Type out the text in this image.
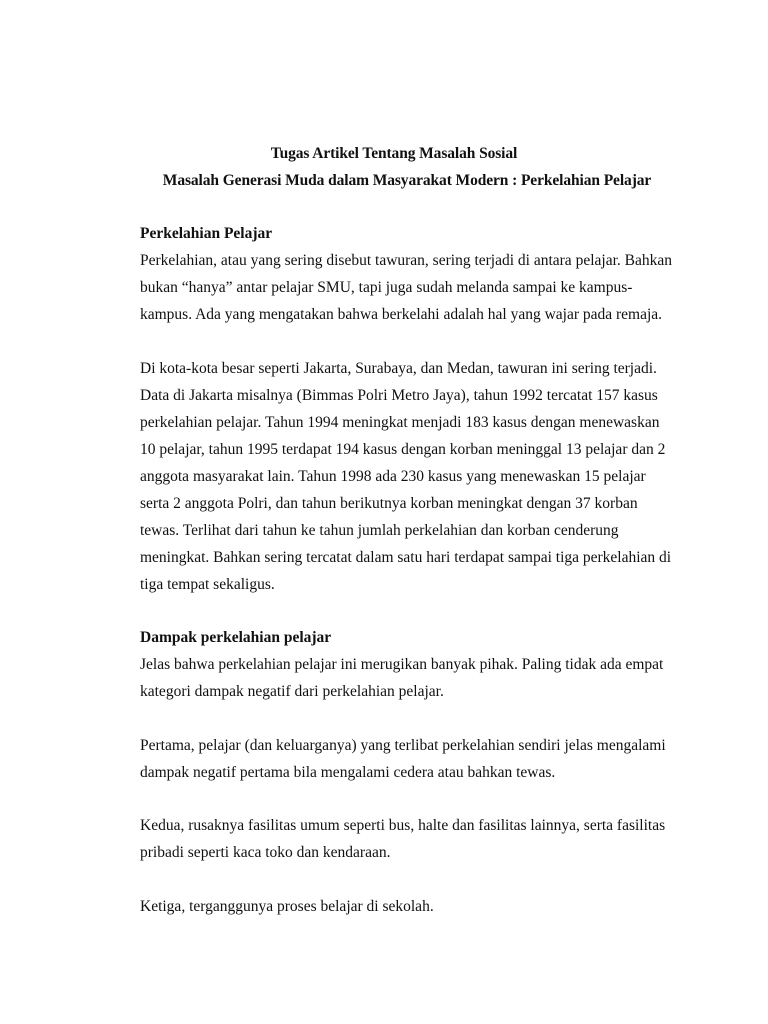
Tugas Artikel Tentang Masalah Sosial

Masalah Generasi Muda dalam Masyarakat Modern : Perkelahian Pelajar

Perkelahian Pelajar

Perkelahian, atau yang sering disebut tawuran, sering terjadi di antara pelajar. Bahkan
bukan “hanya” antar pelajar SMU, tapi juga sudah melanda sampai ke kampus-
kampus. Ada yang mengatakan bahwa berkelahi adalah hal yang wajar pada remaja.
Di kota-kota besar seperti Jakarta, Surabaya, dan Medan, tawuran ini sering terjadi.
Data di Jakarta misalnya (Bimmas Polri Metro Jaya), tahun 1992 tercatat 157 kasus
perkelahian pelajar. Tahun 1994 meningkat menjadi 183 kasus dengan menewaskan
10 pelajar, tahun 1995 terdapat 194 kasus dengan korban meninggal 13 pelajar dan 2
anggota masyarakat lain. Tahun 1998 ada 230 kasus yang menewaskan 15 pelajar
serta 2 anggota Polri, dan tahun berikutnya korban meningkat dengan 37 korban
tewas. Terlihat dari tahun ke tahun jumlah perkelahian dan korban cenderung
meningkat. Bahkan sering tercatat dalam satu hari terdapat sampai tiga perkelahian di
tiga tempat sekaligus.

Dampak perkelahian pelajar

Jelas bahwa perkelahian pelajar ini merugikan banyak pihak. Paling tidak ada empat
kategori dampak negatif dari perkelahian pelajar.
Pertama, pelajar (dan keluarganya) yang terlibat perkelahian sendiri jelas mengalami
dampak negatif pertama bila mengalami cedera atau bahkan tewas.
Kedua, rusaknya fasilitas umum seperti bus, halte dan fasilitas lainnya, serta fasilitas
pribadi seperti kaca toko dan kendaraan.
Ketiga, terganggunya proses belajar di sekolah.
